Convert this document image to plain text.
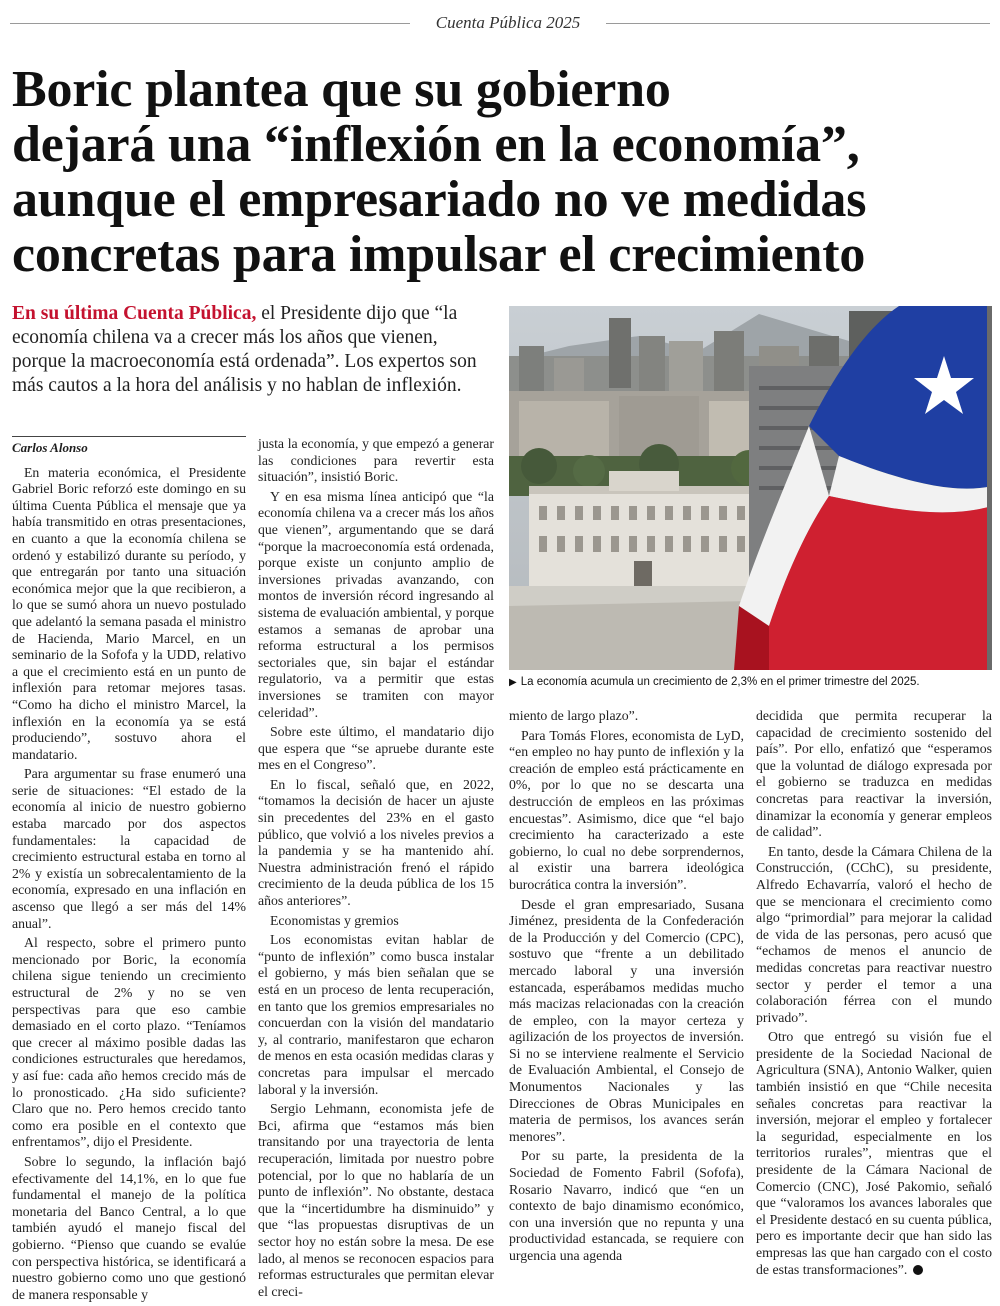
Cuenta Pública 2025
Boric plantea que su gobierno
dejará una “inflexión en la economía”,
aunque el empresariado no ve medidas
concretas para impulsar el crecimiento
En su última Cuenta Pública, el Presidente dijo que “la economía chilena va a crecer más los años que vienen, porque la macroeconomía está ordenada”. Los expertos son más cautos a la hora del análisis y no hablan de inflexión.
▶ La economía acumula un crecimiento de 2,3% en el primer trimestre del 2025.
Carlos Alonso

En materia económica, el Presidente Gabriel Boric reforzó este domingo en su última Cuenta Pública el mensaje que ya había transmitido en otras presentaciones, en cuanto a que la economía chilena se ordenó y estabilizó durante su período, y que entregarán por tanto una situación económica mejor que la que recibieron, a lo que se sumó ahora un nuevo postulado que adelantó la semana pasada el ministro de Hacienda, Mario Marcel, en un seminario de la Sofofa y la UDD, relativo a que el crecimiento está en un punto de inflexión para retomar mejores tasas. “Como ha dicho el ministro Marcel, la inflexión en la economía ya se está produciendo”, sostuvo ahora el mandatario.

Para argumentar su frase enumeró una serie de situaciones: “El estado de la economía al inicio de nuestro gobierno estaba marcado por dos aspectos fundamentales: la capacidad de crecimiento estructural estaba en torno al 2% y existía un sobrecalentamiento de la economía, expresado en una inflación en ascenso que llegó a ser más del 14% anual”.

Al respecto, sobre el primero punto mencionado por Boric, la economía chilena sigue teniendo un crecimiento estructural de 2% y no se ven perspectivas para que eso cambie demasiado en el corto plazo. “Teníamos que crecer al máximo posible dadas las condiciones estructurales que heredamos, y así fue: cada año hemos crecido más de lo pronosticado. ¿Ha sido suficiente? Claro que no. Pero hemos crecido tanto como era posible en el contexto que enfrentamos”, dijo el Presidente.

Sobre lo segundo, la inflación bajó efectivamente del 14,1%, en lo que fue fundamental el manejo de la política monetaria del Banco Central, a lo que también ayudó el manejo fiscal del gobierno. “Pienso que cuando se evalúe con perspectiva histórica, se identificará a nuestro gobierno como uno que gestionó de manera responsable y

justa la economía, y que empezó a generar las condiciones para revertir esta situación”, insistió Boric.

Y en esa misma línea anticipó que “la economía chilena va a crecer más los años que vienen”, argumentando que se dará “porque la macroeconomía está ordenada, porque existe un conjunto amplio de inversiones privadas avanzando, con montos de inversión récord ingresando al sistema de evaluación ambiental, y porque estamos a semanas de aprobar una reforma estructural a los permisos sectoriales que, sin bajar el estándar regulatorio, va a permitir que estas inversiones se tramiten con mayor celeridad”.

Sobre este último, el mandatario dijo que espera que “se apruebe durante este mes en el Congreso”.

En lo fiscal, señaló que, en 2022, “tomamos la decisión de hacer un ajuste sin precedentes del 23% en el gasto público, que volvió a los niveles previos a la pandemia y se ha mantenido ahí. Nuestra administración frenó el rápido crecimiento de la deuda pública de los 15 años anteriores”.

Economistas y gremios

Los economistas evitan hablar de “punto de inflexión” como busca instalar el gobierno, y más bien señalan que se está en un proceso de lenta recuperación, en tanto que los gremios empresariales no concuerdan con la visión del mandatario y, al contrario, manifestaron que echaron de menos en esta ocasión medidas claras y concretas para impulsar el mercado laboral y la inversión.

Sergio Lehmann, economista jefe de Bci, afirma que “estamos más bien transitando por una trayectoria de lenta recuperación, limitada por nuestro pobre potencial, por lo que no hablaría de un punto de inflexión”. No obstante, destaca que la “incertidumbre ha disminuido” y que “las propuestas disruptivas de un sector hoy no están sobre la mesa. De ese lado, al menos se reconocen espacios para reformas estructurales que permitan elevar el creci-

miento de largo plazo”.

Para Tomás Flores, economista de LyD, “en empleo no hay punto de inflexión y la creación de empleo está prácticamente en 0%, por lo que no se descarta una destrucción de empleos en las próximas encuestas”. Asimismo, dice que “el bajo crecimiento ha caracterizado a este gobierno, lo cual no debe sorprendernos, al existir una barrera ideológica burocrática contra la inversión”.

Desde el gran empresariado, Susana Jiménez, presidenta de la Confederación de la Producción y del Comercio (CPC), sostuvo que “frente a un debilitado mercado laboral y una inversión estancada, esperábamos medidas mucho más macizas relacionadas con la creación de empleo, con la mayor certeza y agilización de los proyectos de inversión. Si no se interviene realmente el Servicio de Evaluación Ambiental, el Consejo de Monumentos Nacionales y las Direcciones de Obras Municipales en materia de permisos, los avances serán menores”.

Por su parte, la presidenta de la Sociedad de Fomento Fabril (Sofofa), Rosario Navarro, indicó que “en un contexto de bajo dinamismo económico, con una inversión que no repunta y una productividad estancada, se requiere con urgencia una agenda

decidida que permita recuperar la capacidad de crecimiento sostenido del país”. Por ello, enfatizó que “esperamos que la voluntad de diálogo expresada por el gobierno se traduzca en medidas concretas para reactivar la inversión, dinamizar la economía y generar empleos de calidad”.

En tanto, desde la Cámara Chilena de la Construcción, (CChC), su presidente, Alfredo Echavarría, valoró el hecho de que se mencionara el crecimiento como algo “primordial” para mejorar la calidad de vida de las personas, pero acusó que “echamos de menos el anuncio de medidas concretas para reactivar nuestro sector y perder el temor a una colaboración férrea con el mundo privado”.

Otro que entregó su visión fue el presidente de la Sociedad Nacional de Agricultura (SNA), Antonio Walker, quien también insistió en que “Chile necesita señales concretas para reactivar la inversión, mejorar el empleo y fortalecer la seguridad, especialmente en los territorios rurales”, mientras que el presidente de la Cámara Nacional de Comercio (CNC), José Pakomio, señaló que “valoramos los avances laborales que el Presidente destacó en su cuenta pública, pero es importante decir que han sido las empresas las que han cargado con el costo de estas transformaciones”.
